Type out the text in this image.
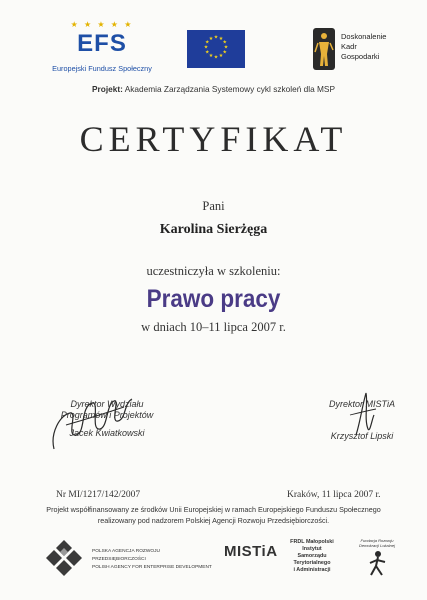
★ ★ ★ ★ ★
EFS
Europejski Fundusz Społeczny
★ ★
★
★
★
★
★
★
★
★
★
★	Doskonalenie
Kadr
Gospodarki
Projekt: Akademia Zarządzania Systemowy cykl szkoleń dla MSP
CERTYFIKAT
Pani
Karolina Sierżęga
uczestniczyła w szkoleniu:
Prawo pracy
w dniach 10–11 lipca 2007 r.
Dyrektor Wydziału
Programów i Projektów
Jacek Kwiatkowski
Dyrektor MISTiA
Krzysztof Lipski
Nr MI/1217/142/2007	Kraków, 11 lipca 2007 r.
Projekt współfinansowany ze środków Unii Europejskiej w ramach Europejskiego Funduszu Społecznego
realizowany pod nadzorem Polskiej Agencji Rozwoju Przedsiębiorczości.
POLSKA AGENCJA ROZWOJU PRZEDSIĘBIORCZOŚCI
POLISH AGENCY FOR ENTERPRISE DEVELOPMENT
MISTiA
FRDL Małopolski Instytut
Samorządu Terytorialnego
i Administracji
Fundacja Rozwoju Demokracji Lokalnej
